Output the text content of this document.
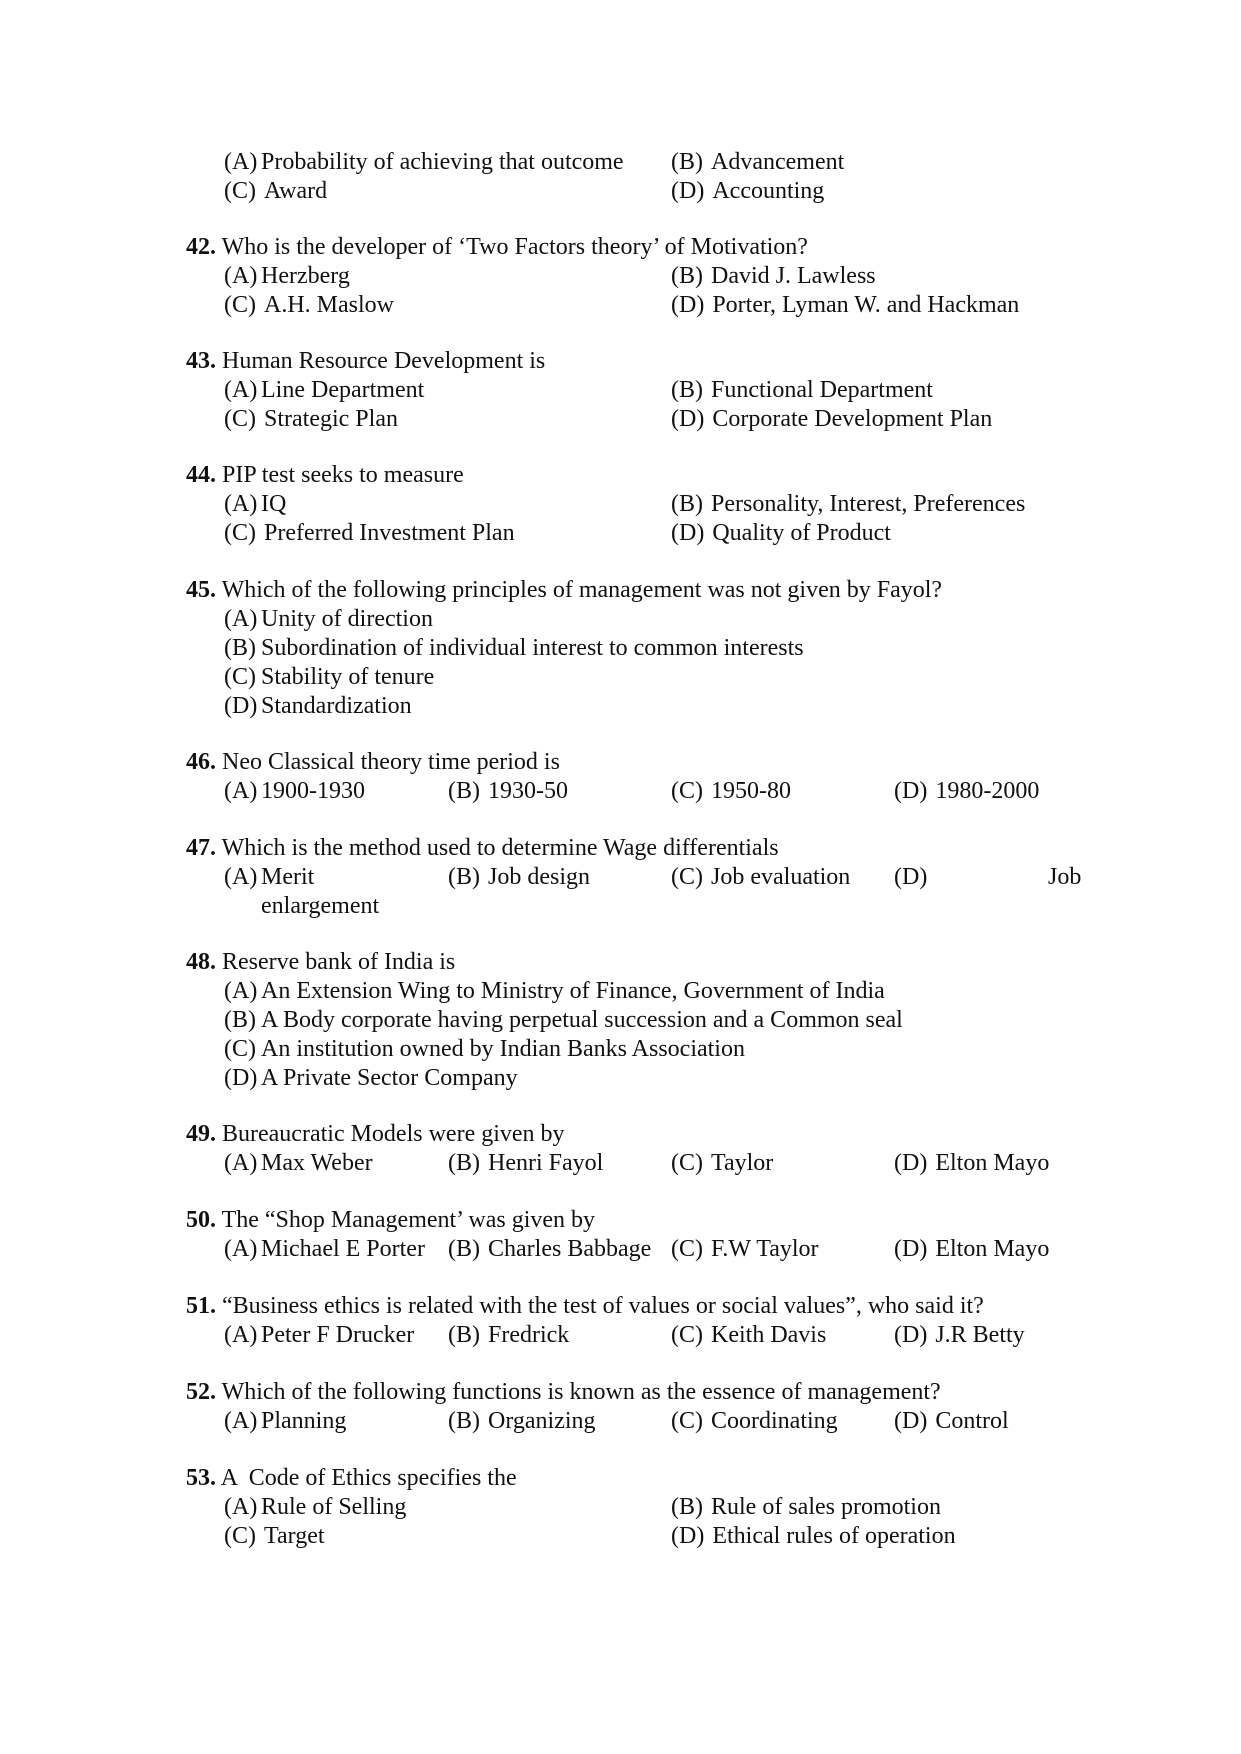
(A) Probability of achieving that outcome (B) Advancement
(C) Award	(D) Accounting
42. Who is the developer of ‘Two Factors theory’ of Motivation?
(A) Herzberg	(B) David J. Lawless
(C) A.H. Maslow	(D) Porter, Lyman W. and Hackman
43. Human Resource Development is
(A) Line Department	(B) Functional Department
(C) Strategic Plan	(D) Corporate Development Plan
44. PIP test seeks to measure
(A) IQ	(B) Personality, Interest, Preferences
(C) Preferred Investment Plan	(D) Quality of Product
45. Which of the following principles of management was not given by Fayol?
(A) Unity of direction
(B) Subordination of individual interest to common interests
(C) Stability of tenure
(D) Standardization
46. Neo Classical theory time period is
(A) 1900-1930	(B) 1930-50	(C) 1950-80	(D) 1980-2000
47. Which is the method used to determine Wage differentials
(A) Merit	(B) Job design	(C) Job evaluation (D)	Job
enlargement
48. Reserve bank of India is
(A) An Extension Wing to Ministry of Finance, Government of India
(B) A Body corporate having perpetual succession and a Common seal
(C) An institution owned by Indian Banks Association
(D) A Private Sector Company
49. Bureaucratic Models were given by
(A) Max Weber	(B) Henri Fayol	(C) Taylor	(D) Elton Mayo
50. The “Shop Management’ was given by
(A) Michael E Porter (B) Charles Babbage (C) F.W Taylor	(D) Elton Mayo
51. “Business ethics is related with the test of values or social values”, who said it?
(A) Peter F Drucker (B) Fredrick	(C) Keith Davis	(D) J.R Betty
52. Which of the following functions is known as the essence of management?
(A) Planning	(B) Organizing	(C) Coordinating (D) Control
53. A  Code of Ethics specifies the
(A) Rule of Selling	(B) Rule of sales promotion
(C) Target	(D) Ethical rules of operation
